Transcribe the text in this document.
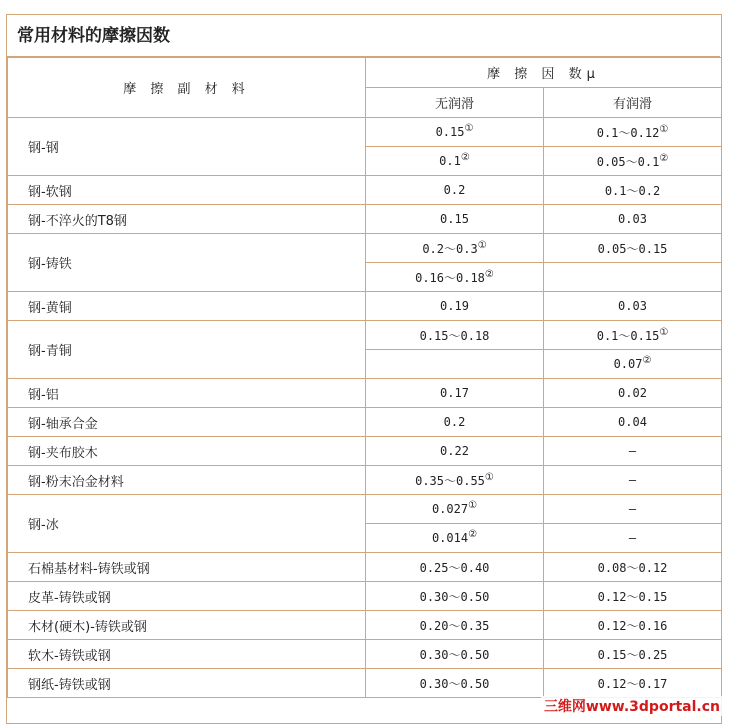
常用材料的摩擦因数
摩 擦 副 材 料	摩 擦 因 数μ	
	无润滑	有润滑
钢-钢	0.15①	0.1～0.12①
	0.1②	0.05～0.1②
钢-软钢	0.2	0.1～0.2
钢-不淬火的T8钢	0.15	0.03
钢-铸铁	0.2～0.3①	0.05～0.15
	0.16～0.18②	
钢-黄铜	0.19	0.03
钢-青铜	0.15～0.18	0.1～0.15①
		0.07②
钢-铝	0.17	0.02
钢-轴承合金	0.2	0.04
钢-夹布胶木	0.22	—
钢-粉末冶金材料	0.35～0.55①	—
钢-冰	0.027①	—
	0.014②	—
石棉基材料-铸铁或钢	0.25～0.40	0.08～0.12
皮革-铸铁或钢	0.30～0.50	0.12～0.15
木材(硬木)-铸铁或钢	0.20～0.35	0.12～0.16
软木-铸铁或钢	0.30～0.50	0.15～0.25
钢纸-铸铁或钢	0.30～0.50	0.12～0.17
三维网www.3dportal.cn
